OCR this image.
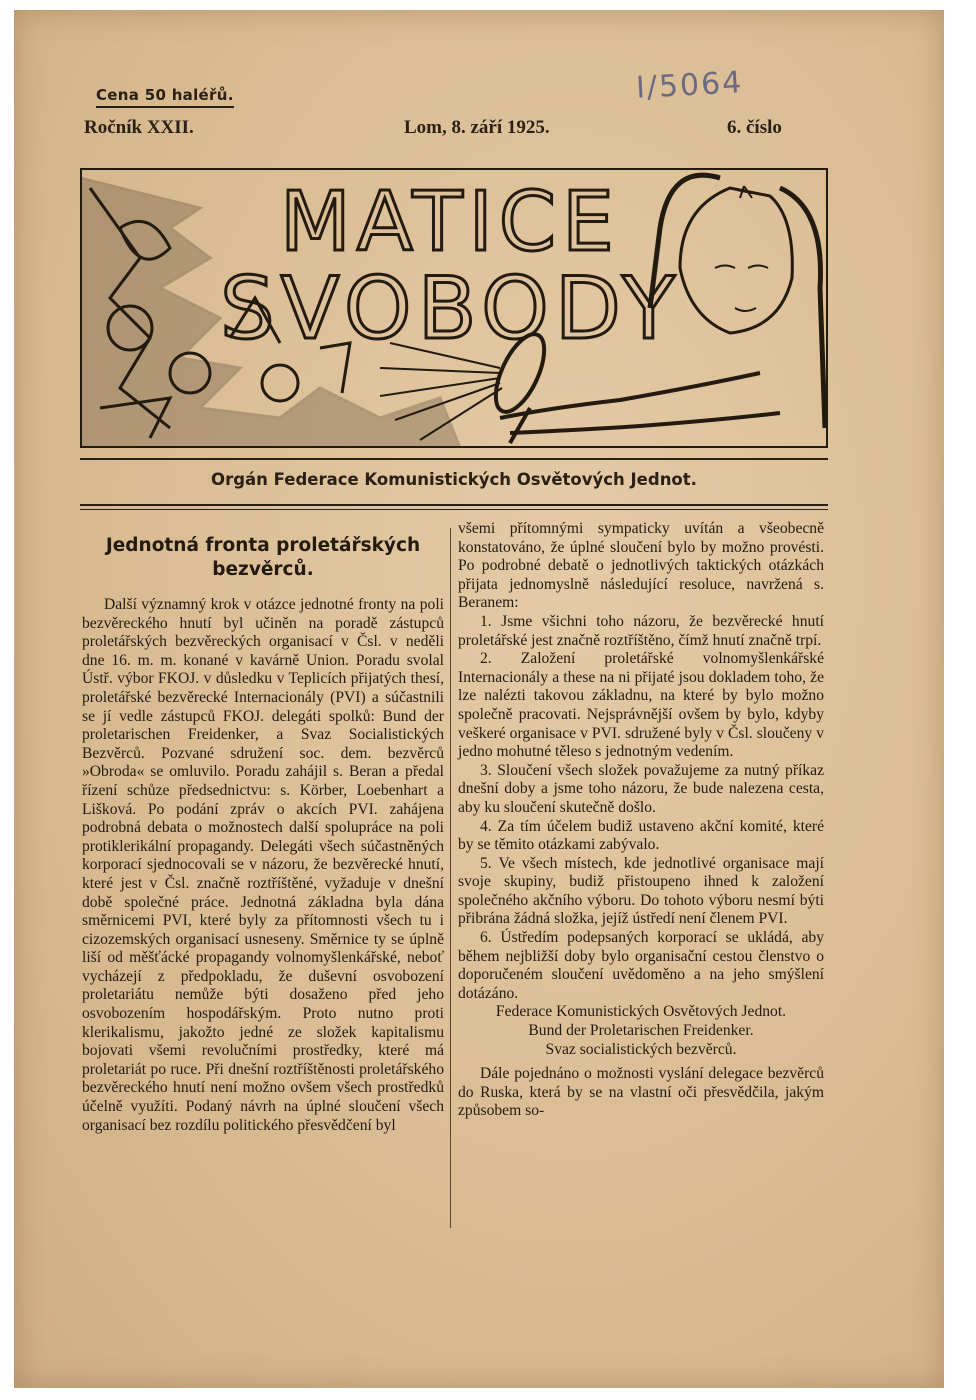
Cena 50 haléřů.	I/5064
Ročník XXII.	Lom, 8. září 1925.	6. číslo
MATICE
SVOBODY
Orgán Federace Komunistických Osvětových Jednot.
Jednotná fronta proletářských bezvěrců.

Další významný krok v otázce jednotné fronty na poli bezvěreckého hnutí byl učiněn na poradě zástupců proletářských bezvěreckých organisací v Čsl. v neděli dne 16. m. m. konané v kavárně Union. Poradu svolal Ústř. výbor FKOJ. v důsledku v Teplicích přijatých thesí, proletářské bezvěrecké Internacionály (PVI) a súčastnili se jí vedle zástupců FKOJ. delegáti spolků: Bund der proletarischen Freidenker, a Svaz Socialistických Bezvěrců. Pozvané sdružení soc. dem. bezvěrců »Obroda« se omluvilo. Poradu zahájil s. Beran a předal řízení schůze předsednictvu: s. Körber, Loebenhart a Lišková. Po podání zpráv o akcích PVI. zahájena podrobná debata o možnostech další spolupráce na poli protiklerikální propagandy. Delegáti všech súčastněných korporací sjednocovali se v názoru, že bezvěrecké hnutí, které jest v Čsl. značně roztříštěné, vyžaduje v dnešní době společné práce. Jednotná základna byla dána směrnicemi PVI, které byly za přítomnosti všech tu i cizozemských organisací usneseny. Směrnice ty se úplně liší od měšťácké propagandy volnomyšlenkářské, neboť vycházejí z předpokladu, že duševní osvobození proletariátu nemůže býti dosaženo před jeho osvobozením hospodářským. Proto nutno proti klerikalismu, jakožto jedné ze složek kapitalismu bojovati všemi revolučními prostředky, které má proletariát po ruce. Při dnešní roztříštěnosti proletářského bezvěreckého hnutí není možno ovšem všech prostředků účelně využíti. Podaný návrh na úplné sloučení všech organisací bez rozdílu politického přesvědčení byl

všemi přítomnými sympaticky uvítán a všeobecně konstatováno, že úplné sloučení bylo by možno provésti. Po podrobné debatě o jednotlivých taktických otázkách přijata jednomyslně následující resoluce, navržená s. Beranem:

1. Jsme všichni toho názoru, že bezvěrecké hnutí proletářské jest značně roztříštěno, čímž hnutí značně trpí.

2. Založení proletářské volnomyšlenkářské Internacionály a these na ni přijaté jsou dokladem toho, že lze nalézti takovou základnu, na které by bylo možno společně pracovati. Nejsprávnější ovšem by bylo, kdyby veškeré organisace v PVI. sdružené byly v Čsl. sloučeny v jedno mohutné těleso s jednotným vedením.

3. Sloučení všech složek považujeme za nutný příkaz dnešní doby a jsme toho názoru, že bude nalezena cesta, aby ku sloučení skutečně došlo.

4. Za tím účelem budiž ustaveno akční komité, které by se těmito otázkami zabývalo.

5. Ve všech místech, kde jednotlivé organisace mají svoje skupiny, budiž přistoupeno ihned k založení společného akčního výboru. Do tohoto výboru nesmí býti přibrána žádná složka, jejíž ústředí není členem PVI.

6. Ústředím podepsaných korporací se ukládá, aby během nejbližší doby bylo organisační cestou členstvo o doporučeném sloučení uvědoměno a na jeho smýšlení dotázáno.

Federace Komunistických Osvětových Jednot.

Bund der Proletarischen Freidenker.

Svaz socialistických bezvěrců.

Dále pojednáno o možnosti vyslání delegace bezvěrců do Ruska, která by se na vlastní oči přesvědčila, jakým způsobem so-
